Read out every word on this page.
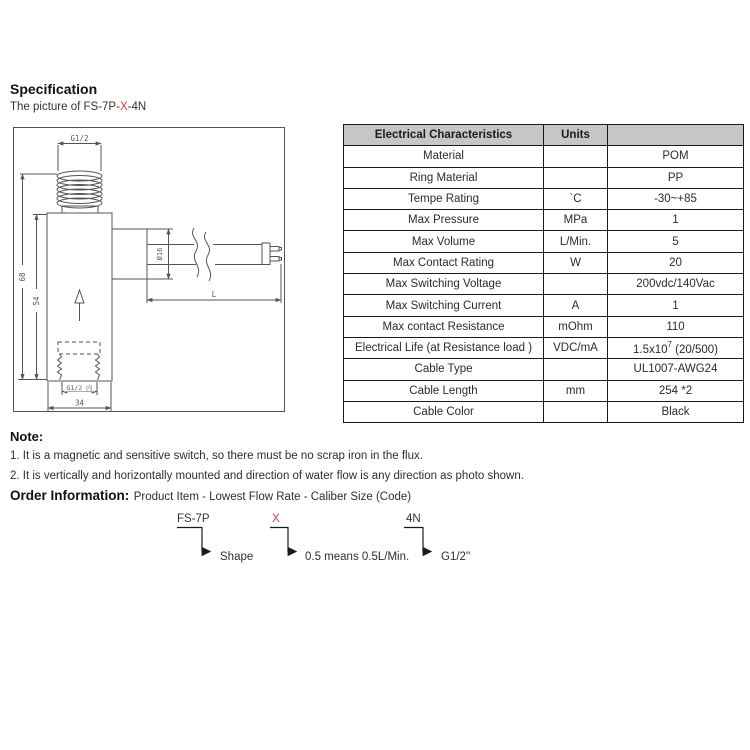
Specification
The picture of FS-7P-X-4N
G1/2
Ø16
L
68
54
G1/2 内
34
Electrical Characteristics	Units	
Material		POM
Ring Material		PP
Tempe Rating	`C	-30~+85
Max Pressure	MPa	1
Max Volume	L/Min.	5
Max Contact Rating	W	20
Max Switching Voltage		200vdc/140Vac
Max Switching Current	A	1
Max contact Resistance	mOhm	110
Electrical Life (at Resistance load )	VDC/mA	$1.5x10^7$ (20/500)
Cable Type		UL1007-AWG24
Cable Length	mm	254 *2
Cable Color		Black
Note:
1. It is a magnetic and sensitive switch, so there must be no scrap iron in the flux.
2. It is vertically and horizontally mounted and direction of water flow is any direction as photo shown.
Order Information: Product Item - Lowest Flow Rate - Caliber Size (Code)
FS-7P	X	4N
Shape	0.5 means 0.5L/Min.	G1/2''
